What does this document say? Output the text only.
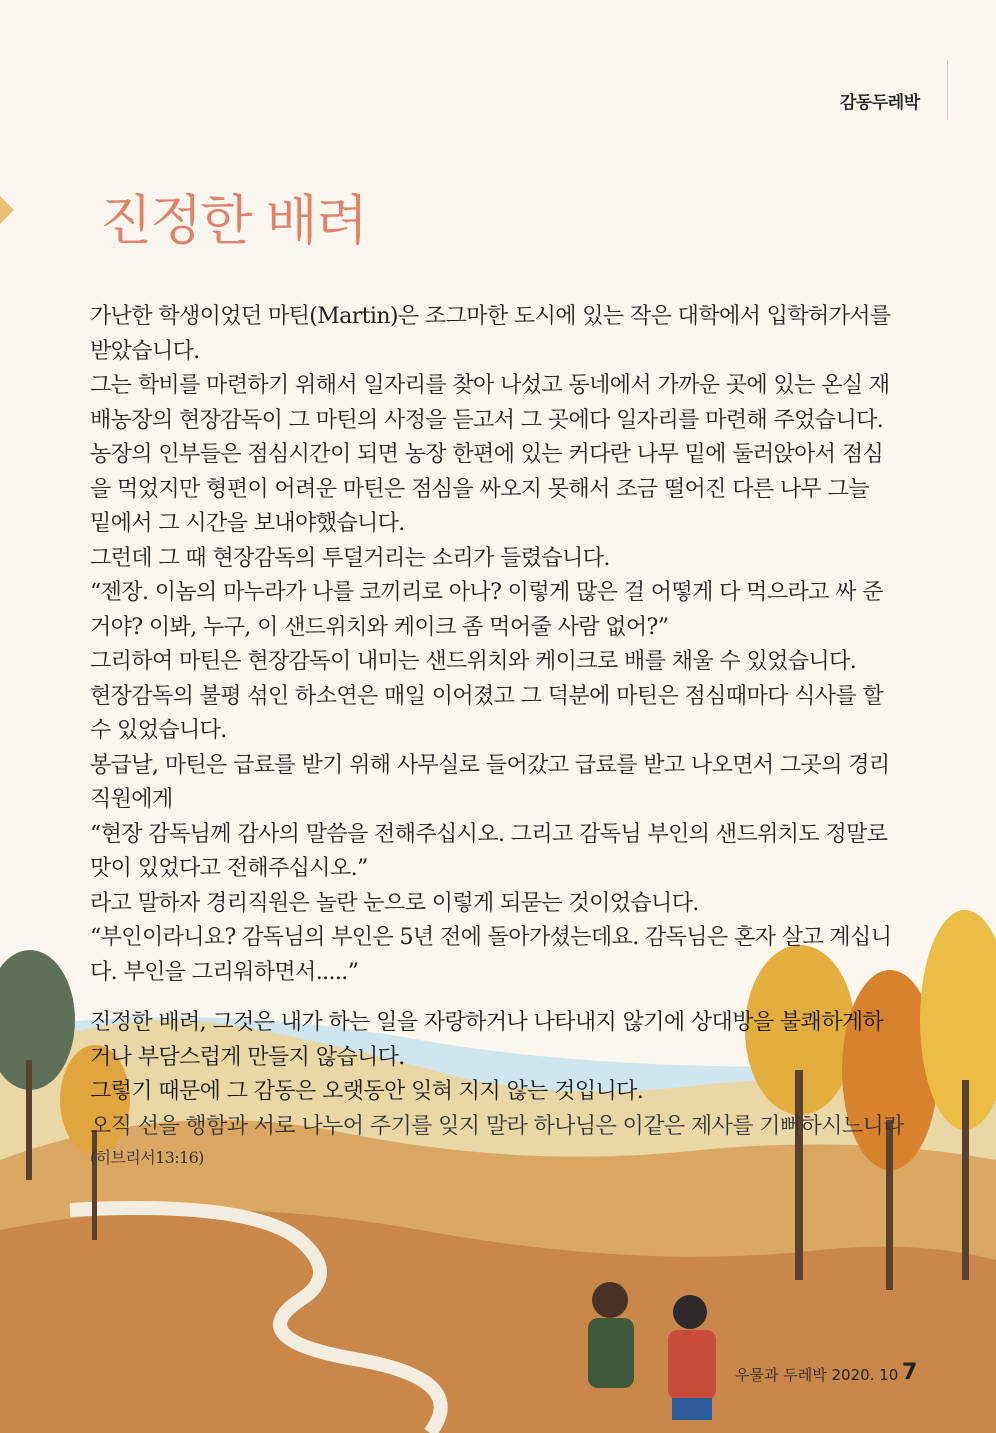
감동두레박
진정한 배려
가난한 학생이었던 마틴(Martin)은 조그마한 도시에 있는 작은 대학에서 입학허가서를
받았습니다.
그는 학비를 마련하기 위해서 일자리를 찾아 나섰고 동네에서 가까운 곳에 있는 온실 재
배농장의 현장감독이 그 마틴의 사정을 듣고서 그 곳에다 일자리를 마련해 주었습니다.
농장의 인부들은 점심시간이 되면 농장 한편에 있는 커다란 나무 밑에 둘러앉아서 점심
을 먹었지만 형편이 어려운 마틴은 점심을 싸오지 못해서 조금 떨어진 다른 나무 그늘
밑에서 그 시간을 보내야했습니다.
그런데 그 때 현장감독의 투덜거리는 소리가 들렸습니다.
“젠장. 이놈의 마누라가 나를 코끼리로 아나? 이렇게 많은 걸 어떻게 다 먹으라고 싸 준
거야? 이봐, 누구, 이 샌드위치와 케이크 좀 먹어줄 사람 없어?”
그리하여 마틴은 현장감독이 내미는 샌드위치와 케이크로 배를 채울 수 있었습니다.
현장감독의 불평 섞인 하소연은 매일 이어졌고 그 덕분에 마틴은 점심때마다 식사를 할
수 있었습니다.
봉급날, 마틴은 급료를 받기 위해 사무실로 들어갔고 급료를 받고 나오면서 그곳의 경리
직원에게
“현장 감독님께 감사의 말씀을 전해주십시오. 그리고 감독님 부인의 샌드위치도 정말로
맛이 있었다고 전해주십시오.”
라고 말하자 경리직원은 놀란 눈으로 이렇게 되묻는 것이었습니다.
“부인이라니요? 감독님의 부인은 5년 전에 돌아가셨는데요. 감독님은 혼자 살고 계십니
다. 부인을 그리워하면서.....”
진정한 배려, 그것은 내가 하는 일을 자랑하거나 나타내지 않기에 상대방을 불쾌하게하
거나 부담스럽게 만들지 않습니다.
그렇기 때문에 그 감동은 오랫동안 잊혀 지지 않는 것입니다.
오직 선을 행함과 서로 나누어 주기를 잊지 말라 하나님은 이같은 제사를 기뻐하시느니라
(히브리서13:16)
우물과 두레박 2020. 10 7
